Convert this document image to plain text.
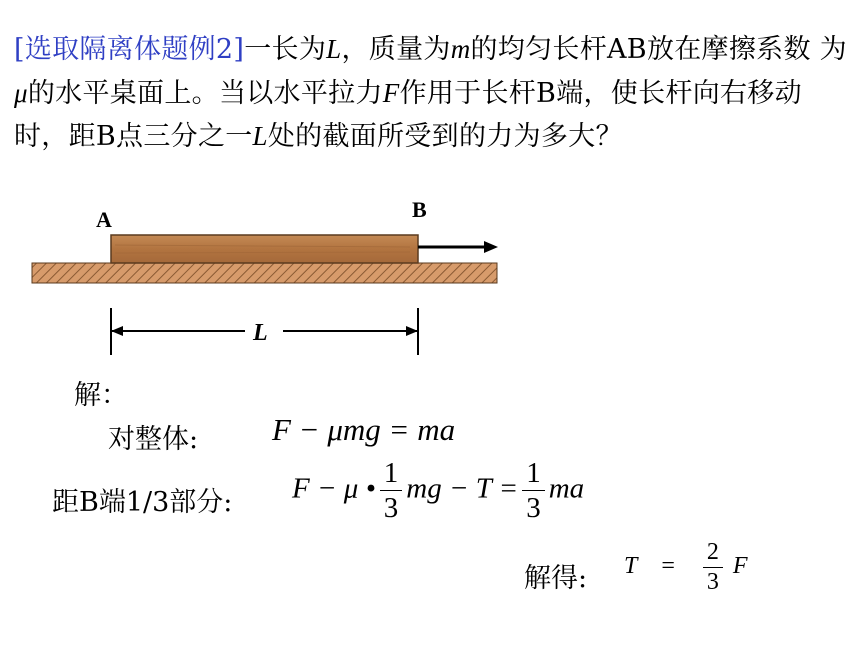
[选取隔离体题例2]一长为L，质量为m的均匀长杆AB放在摩擦系数 为μ的水平桌面上。当以水平拉力F作用于长杆B端，使长杆向右移动时，距B点三分之一L处的截面所受到的力为多大？
A	B
L
解：
对整体: F − μmg = ma
距B端1/3部分: F − μ • $\frac{1}{3}$ mg − $T = \frac{1}{3}$ ma
解得: $T = \frac{2}{3}$ F
